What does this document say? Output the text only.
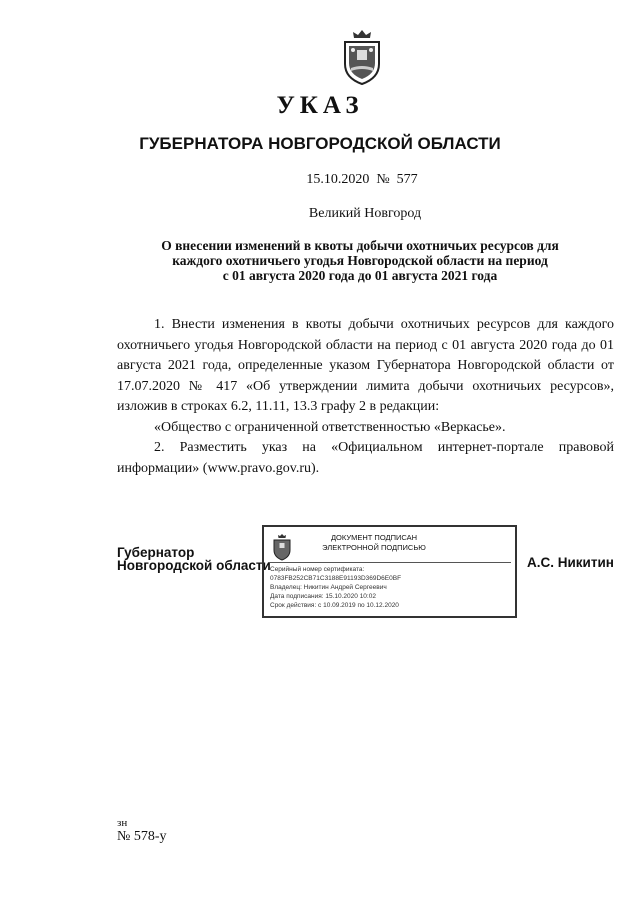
УКАЗ
ГУБЕРНАТОРА НОВГОРОДСКОЙ ОБЛАСТИ
15.10.2020  №  577
Великий Новгород
О внесении изменений в квоты добычи охотничьих ресурсов для
каждого охотничьего угодья Новгородской области на период
с 01 августа 2020 года до 01 августа 2021 года

1. Внести изменения в квоты добычи охотничьих ресурсов для каждого охотничьего угодья Новгородской области на период с 01 августа 2020 года до 01 августа 2021 года, определенные указом Губернатора Новгородской области от 17.07.2020 № 417 «Об утверждении лимита добычи охотничьих ресурсов», изложив в строках 6.2, 11.11, 13.3 графу 2 в редакции:

«Общество с ограниченной ответственностью «Веркасье».

2. Разместить указ на «Официальном интернет-портале правовой информации» (www.pravo.gov.ru).

Губернатор
Новгородской области
ДОКУМЕНТ ПОДПИСАН
ЭЛЕКТРОННОЙ ПОДПИСЬЮ
Серийный номер сертификата:
0783FB252CB71C3188E91193D369D6E0BF
Владелец: Никитин Андрей Сергеевич
Дата подписания: 15.10.2020 10:02
Срок действия: с 10.09.2019 по 10.12.2020
А.С. Никитин
зн
№ 578-у
